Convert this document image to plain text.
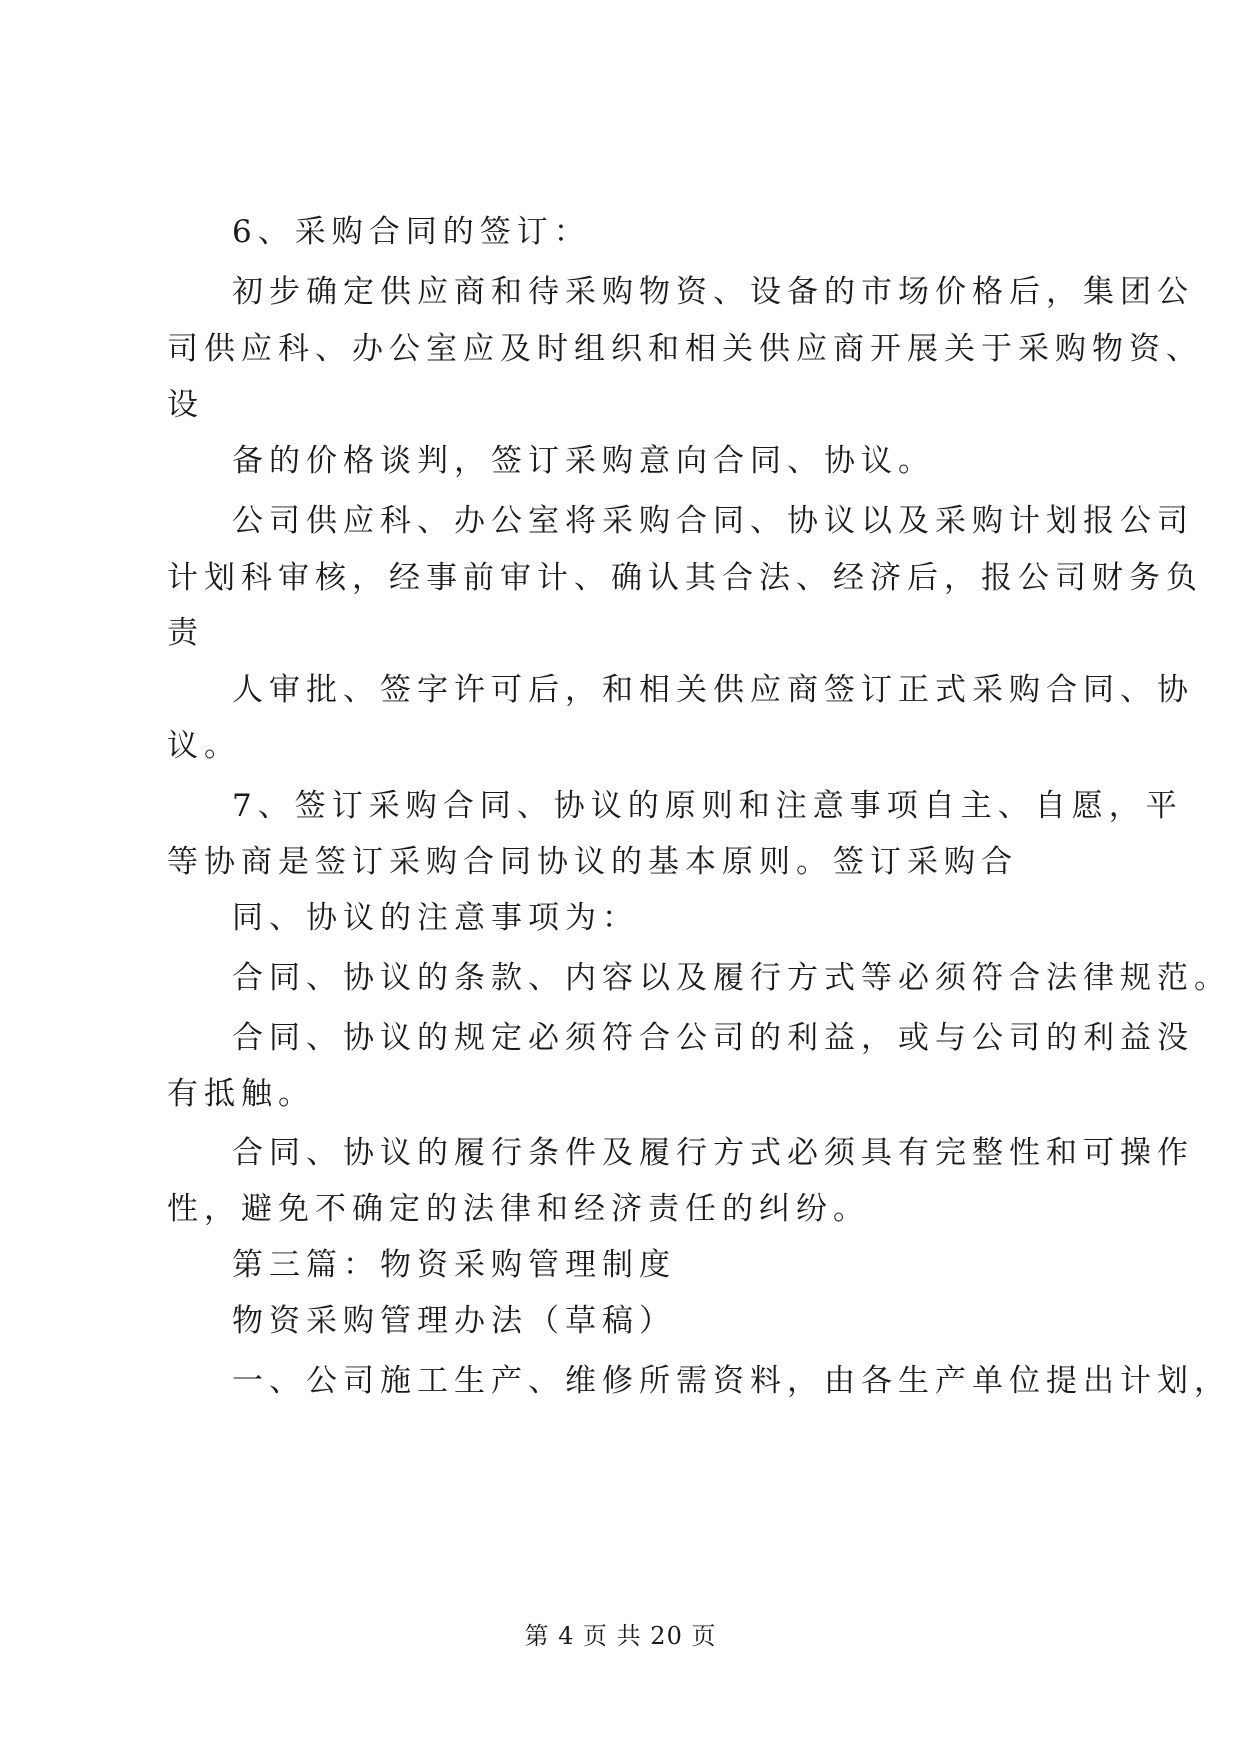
6、采购合同的签订：
初步确定供应商和待采购物资、设备的市场价格后，集团公
司供应科、办公室应及时组织和相关供应商开展关于采购物资、
设
备的价格谈判，签订采购意向合同、协议。
公司供应科、办公室将采购合同、协议以及采购计划报公司
计划科审核，经事前审计、确认其合法、经济后，报公司财务负
责
人审批、签字许可后，和相关供应商签订正式采购合同、协
议。
7、签订采购合同、协议的原则和注意事项自主、自愿，平
等协商是签订采购合同协议的基本原则。签订采购合
同、协议的注意事项为：
合同、协议的条款、内容以及履行方式等必须符合法律规范。
合同、协议的规定必须符合公司的利益，或与公司的利益没
有抵触。
合同、协议的履行条件及履行方式必须具有完整性和可操作
性，避免不确定的法律和经济责任的纠纷。
第三篇：物资采购管理制度
物资采购管理办法（草稿）
一、公司施工生产、维修所需资料，由各生产单位提出计划，
第 4 页 共 20 页
